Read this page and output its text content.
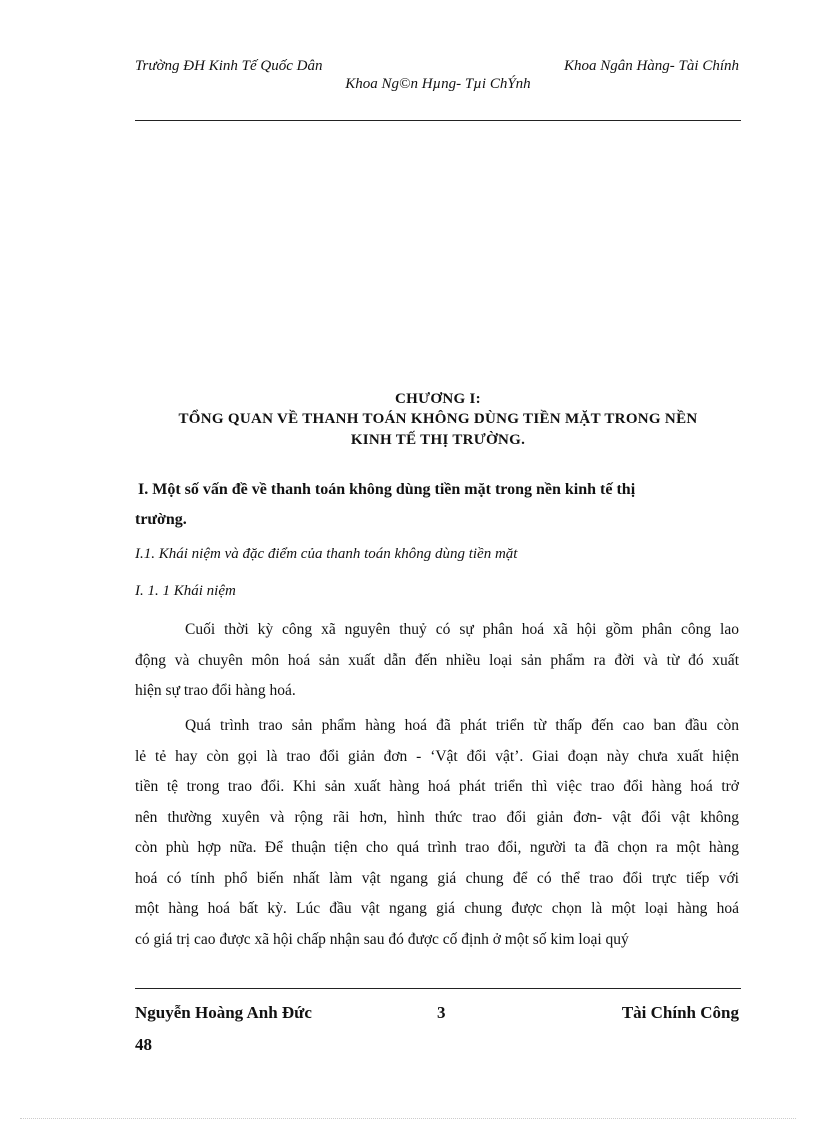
Trường ĐH Kinh Tế Quốc Dân	Khoa Ngân Hàng- Tài Chính
Khoa Ng©n Hµng- Tµi ChÝnh
CHƯƠNG I:
TỔNG QUAN VỀ THANH TOÁN KHÔNG DÙNG TIỀN MẶT TRONG NỀN
KINH TẾ THỊ TRƯỜNG.
I. Một số vấn đề về thanh toán không dùng tiền mặt trong nền kinh tế thị
trường.
I.1. Khái niệm và đặc điểm của thanh toán không dùng tiền mặt
I. 1. 1 Khái niệm
Cuối thời kỳ công xã nguyên thuỷ có sự phân hoá xã hội gồm phân công lao
động và chuyên môn hoá sản xuất dẫn đến nhiều loại sản phẩm ra đời và từ đó xuất
hiện sự trao đổi hàng hoá.
Quá trình trao sản phẩm hàng hoá đã phát triển từ thấp đến cao ban đầu còn
lẻ tẻ hay còn gọi là trao đổi giản đơn - ‘Vật đổi vật’. Giai đoạn này chưa xuất hiện
tiền tệ trong trao đổi. Khi sản xuất hàng hoá phát triển thì việc trao đổi hàng hoá trở
nên thường xuyên và rộng rãi hơn, hình thức trao đổi giản đơn- vật đổi vật không
còn phù hợp nữa. Để thuận tiện cho quá trình trao đổi, người ta đã chọn ra một hàng
hoá có tính phổ biến nhất làm vật ngang giá chung để có thể trao đổi trực tiếp với
một hàng hoá bất kỳ. Lúc đầu vật ngang giá chung được chọn là một loại hàng hoá
có giá trị cao được xã hội chấp nhận sau đó được cố định ở một số kim loại quý
Nguyễn Hoàng Anh Đức	3	Tài Chính Công
48
